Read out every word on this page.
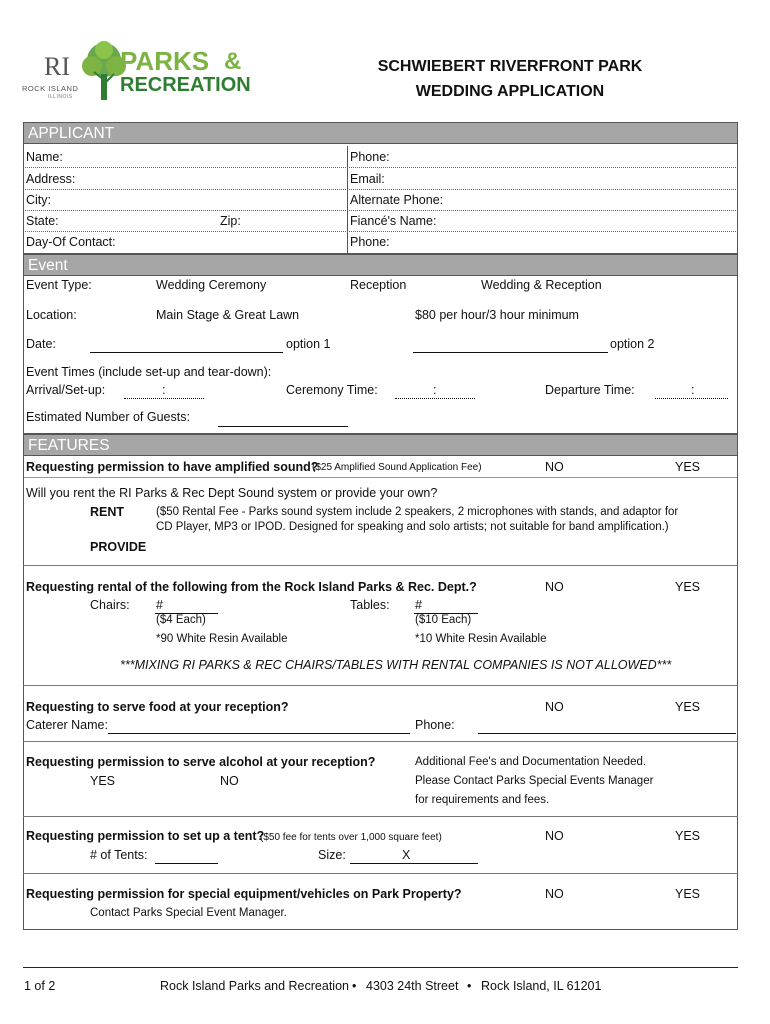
RI
ROCK ISLAND
ILLINOIS
PARKS &
RECREATION
SCHWIEBERT RIVERFRONT PARK
WEDDING APPLICATION
APPLICANT
Name:	Phone:
Address:	Email:
City:	Alternate Phone:
State:	Zip:	Fiancé's Name:
Day-Of Contact:	Phone:
Event
Event Type:	Wedding Ceremony	Reception	Wedding & Reception
Location:	Main Stage & Great Lawn	$80 per hour/3 hour minimum
Date:	option 1	option 2
Event Times (include set-up and tear-down):
Arrival/Set-up:	:	Ceremony Time:	:	Departure Time:	:
Estimated Number of Guests:
FEATURES
Requesting permission to have amplified sound?
($25 Amplified Sound Application Fee)	NO	YES
Will you rent the RI Parks & Rec Dept Sound system or provide your own?
RENT	($50 Rental Fee - Parks sound system include 2 speakers, 2 microphones with stands, and adaptor for
CD Player, MP3 or IPOD. Designed for speaking and solo artists; not suitable for band amplification.)
PROVIDE
Requesting rental of the following from the Rock Island Parks & Rec. Dept.?	NO	YES
Chairs: #
($4 Each)
*90 White Resin Available
Tables: #
($10 Each)
*10 White Resin Available
***MIXING RI PARKS & REC CHAIRS/TABLES WITH RENTAL COMPANIES IS NOT ALLOWED***
Requesting to serve food at your reception?	NO	YES
Caterer Name:	Phone:
Requesting permission to serve alcohol at your reception?
YES	NO
Additional Fee's and Documentation Needed.
Please Contact Parks Special Events Manager
for requirements and fees.
Requesting permission to set up a tent?
($50 fee for tents over 1,000 square feet)	NO	YES
# of Tents:	Size:	X
Requesting permission for special equipment/vehicles on Park Property?	NO	YES
Contact Parks Special Event Manager.
1 of 2	Rock Island Parks and Recreation • 4303 24th Street • Rock Island, IL 61201
